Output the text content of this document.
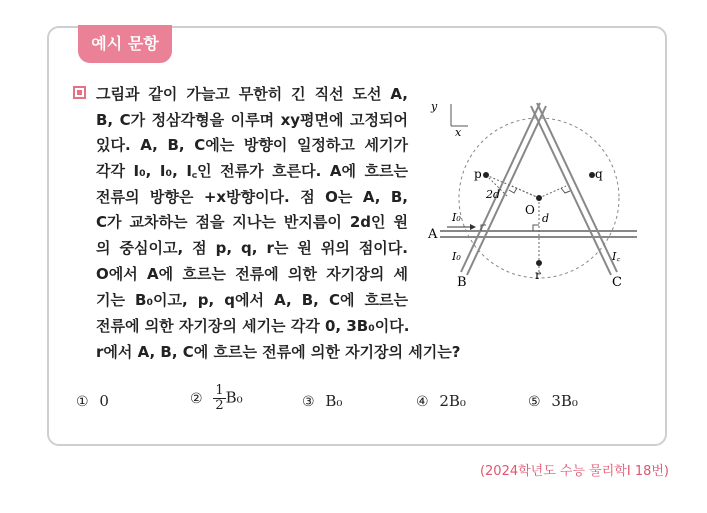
예시 문항
그림과 같이 가늘고 무한히 긴 직선 도선 A,
B, C가 정삼각형을 이루며 xy평면에 고정되어
있다. A, B, C에는 방향이 일정하고 세기가
각각 I₀, I₀, I꜀인 전류가 흐른다. A에 흐르는
전류의 방향은 +x방향이다. 점 O는 A, B,
C가 교차하는 점을 지나는 반지름이 2d인 원
의 중심이고, 점 p, q, r는 원 위의 점이다.
O에서 A에 흐르는 전류에 의한 자기장의 세
기는 B₀이고, p, q에서 A, B, C에 흐르는
전류에 의한 자기장의 세기는 각각 0, 3B₀이다.
r에서 A, B, C에 흐르는 전류에 의한 자기장의 세기는?
y
x
p	q
O
r
2d
d
I₀
I₀	I꜀
A
B	C
① 0	② $\frac{1}{2} B_0$	③ B₀	④ 2B₀	⑤ 3B₀
(2024학년도 수능 물리학Ⅰ 18번)
